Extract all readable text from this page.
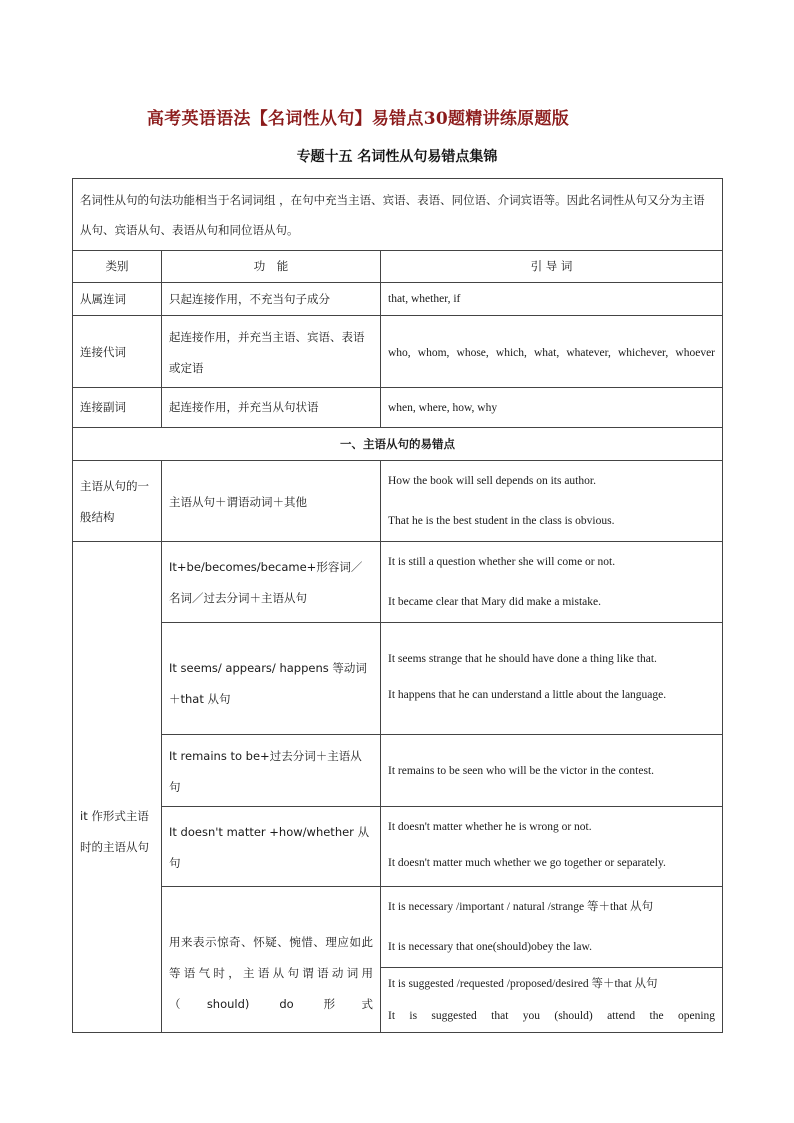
高考英语语法【名词性从句】易错点30题精讲练原题版
专题十五 名词性从句易错点集锦
名词性从句的句法功能相当于名词词组 ，在句中充当主语、宾语、表语、同位语、介词宾语等。因此名词性从句又分为主语从句、宾语从句、表语从句和同位语从句。		
类别	功　能	引 导 词
从属连词	只起连接作用，不充当句子成分	that, whether, if

连接代词	起连接作用，并充当主语、宾语、表语或定语	who, whom, whose, which, what, whatever, whichever, whoever

连接副词	起连接作用，并充当从句状语	when, where, how, why

一、主语从句的易错点		
主语从句的一般结构	主语从句＋谓语动词＋其他	How the book will sell depends on its author.
That he is the best student in the class is obvious.

it 作形式主语时的主语从句	It+be/becomes/became+形容词／名词／过去分词＋主语从句	It is still a question whether she will come or not.
It became clear that Mary did make a mistake.

	It seems/ appears/ happens 等动词＋that 从句	It seems strange that he should have done a thing like that.
It happens that he can understand a little about the language.

	It remains to be+过去分词＋主语从句	It remains to be seen who will be the victor in the contest.

	It doesn't matter +how/whether 从句	It doesn't matter whether he is wrong or not.
It doesn't matter much whether we go together or separately.

	用来表示惊奇、怀疑、惋惜、理应如此等语气时，主语从句谓语动词用（should) do 形式	It is necessary /important / natural /strange 等＋that 从句
It is necessary that one(should)obey the law.
It is suggested /requested /proposed/desired 等＋that 从句
It is suggested that you (should) attend the opening
